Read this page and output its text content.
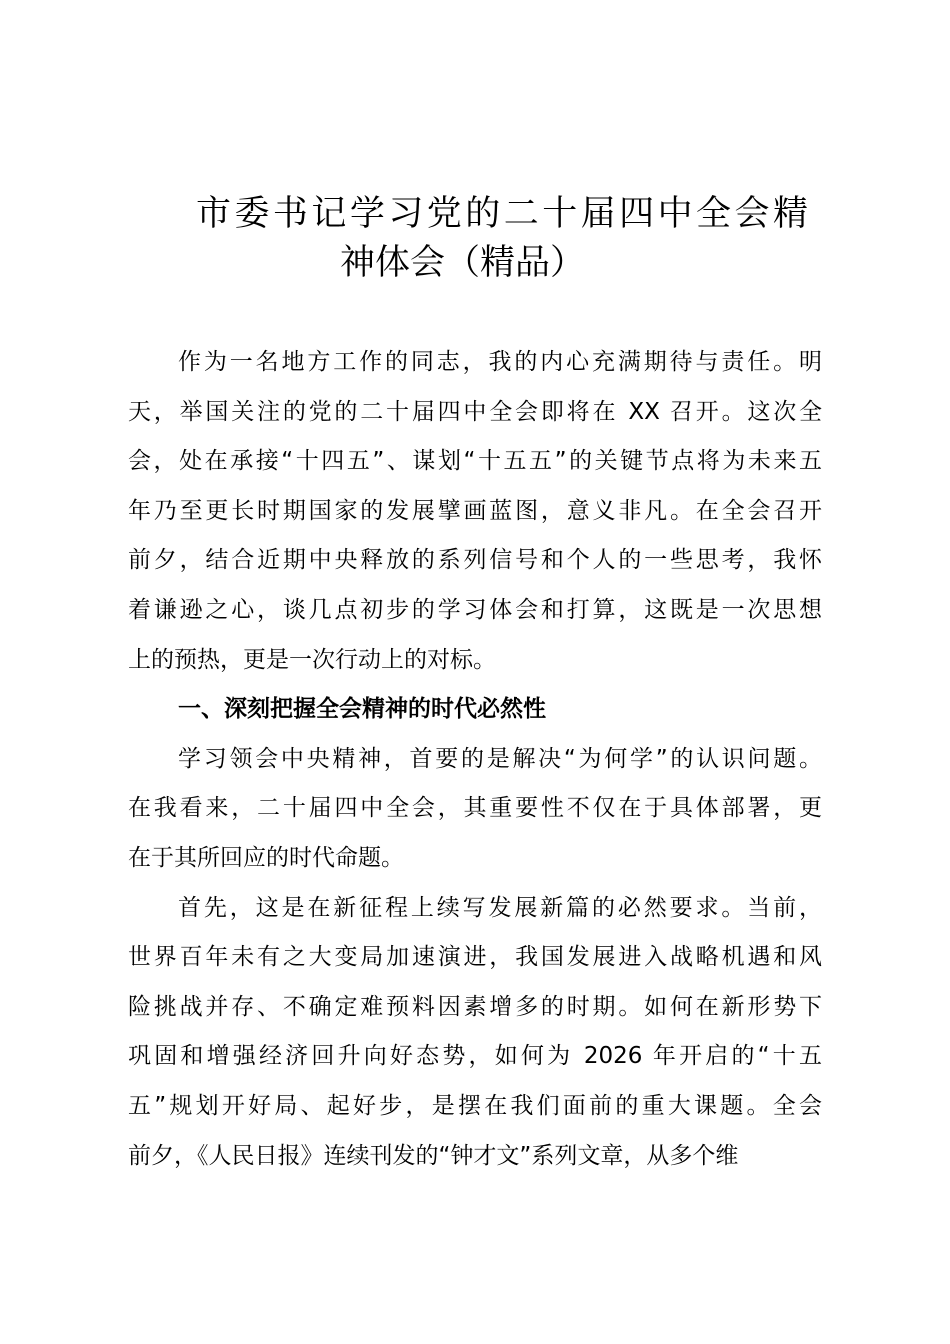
市委书记学习党的二十届四中全会精
神体会（精品）
作为一名地方工作的同志，我的内心充满期待与责任。明
天，举国关注的党的二十届四中全会即将在 XX 召开。这次全
会，处在承接“十四五”、谋划“十五五”的关键节点将为未来五
年乃至更长时期国家的发展擘画蓝图，意义非凡。在全会召开
前夕，结合近期中央释放的系列信号和个人的一些思考，我怀
着谦逊之心，谈几点初步的学习体会和打算，这既是一次思想
上的预热，更是一次行动上的对标。
一、深刻把握全会精神的时代必然性
学习领会中央精神，首要的是解决“为何学”的认识问题。
在我看来，二十届四中全会，其重要性不仅在于具体部署，更
在于其所回应的时代命题。
首先，这是在新征程上续写发展新篇的必然要求。当前，
世界百年未有之大变局加速演进，我国发展进入战略机遇和风
险挑战并存、不确定难预料因素增多的时期。如何在新形势下
巩固和增强经济回升向好态势，如何为 2026 年开启的“十五
五”规划开好局、起好步，是摆在我们面前的重大课题。全会
前夕，《人民日报》连续刊发的“钟才文”系列文章，从多个维
